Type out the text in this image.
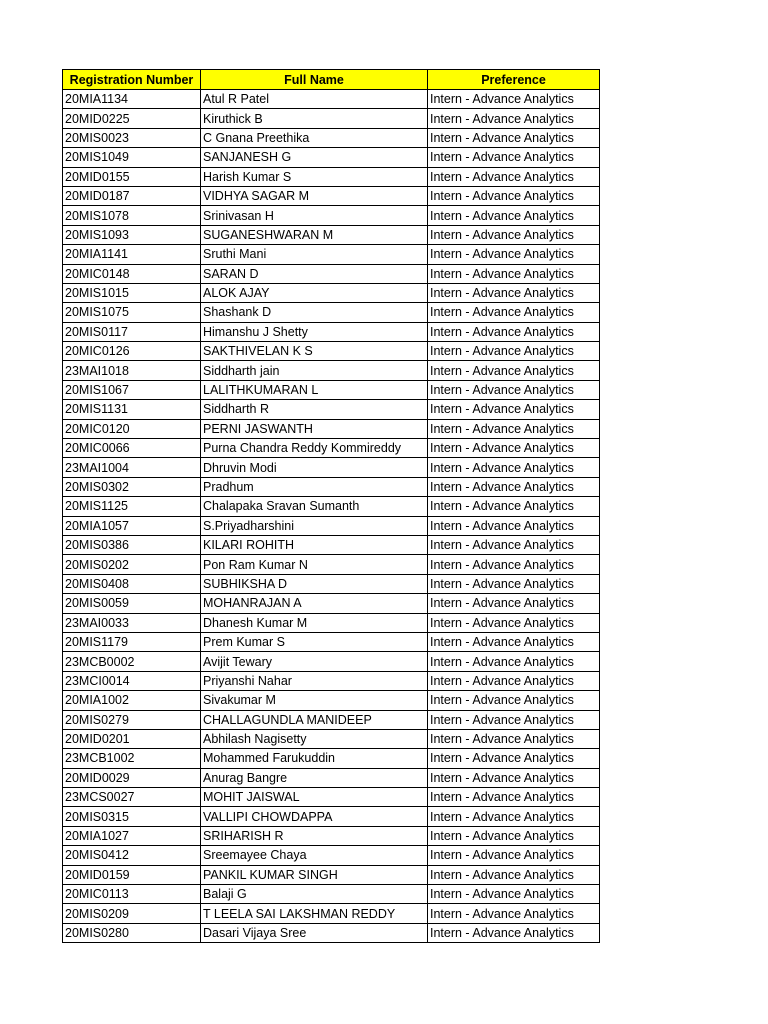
Registration Number	Full Name	Preference
20MIA1134	Atul R Patel	Intern - Advance Analytics
20MID0225	Kiruthick B	Intern - Advance Analytics
20MIS0023	C Gnana Preethika	Intern - Advance Analytics
20MIS1049	SANJANESH G	Intern - Advance Analytics
20MID0155	Harish Kumar S	Intern - Advance Analytics
20MID0187	VIDHYA SAGAR M	Intern - Advance Analytics
20MIS1078	Srinivasan H	Intern - Advance Analytics
20MIS1093	SUGANESHWARAN M	Intern - Advance Analytics
20MIA1141	Sruthi Mani	Intern - Advance Analytics
20MIC0148	SARAN D	Intern - Advance Analytics
20MIS1015	ALOK AJAY	Intern - Advance Analytics
20MIS1075	Shashank D	Intern - Advance Analytics
20MIS0117	Himanshu J Shetty	Intern - Advance Analytics
20MIC0126	SAKTHIVELAN K S	Intern - Advance Analytics
23MAI1018	Siddharth jain	Intern - Advance Analytics
20MIS1067	LALITHKUMARAN L	Intern - Advance Analytics
20MIS1131	Siddharth R	Intern - Advance Analytics
20MIC0120	PERNI JASWANTH	Intern - Advance Analytics
20MIC0066	Purna Chandra Reddy Kommireddy	Intern - Advance Analytics
23MAI1004	Dhruvin Modi	Intern - Advance Analytics
20MIS0302	Pradhum	Intern - Advance Analytics
20MIS1125	Chalapaka Sravan Sumanth	Intern - Advance Analytics
20MIA1057	S.Priyadharshini	Intern - Advance Analytics
20MIS0386	KILARI ROHITH	Intern - Advance Analytics
20MIS0202	Pon Ram Kumar N	Intern - Advance Analytics
20MIS0408	SUBHIKSHA D	Intern - Advance Analytics
20MIS0059	MOHANRAJAN A	Intern - Advance Analytics
23MAI0033	Dhanesh Kumar M	Intern - Advance Analytics
20MIS1179	Prem Kumar S	Intern - Advance Analytics
23MCB0002	Avijit Tewary	Intern - Advance Analytics
23MCI0014	Priyanshi Nahar	Intern - Advance Analytics
20MIA1002	Sivakumar M	Intern - Advance Analytics
20MIS0279	CHALLAGUNDLA MANIDEEP	Intern - Advance Analytics
20MID0201	Abhilash Nagisetty	Intern - Advance Analytics
23MCB1002	Mohammed Farukuddin	Intern - Advance Analytics
20MID0029	Anurag Bangre	Intern - Advance Analytics
23MCS0027	MOHIT JAISWAL	Intern - Advance Analytics
20MIS0315	VALLIPI CHOWDAPPA	Intern - Advance Analytics
20MIA1027	SRIHARISH R	Intern - Advance Analytics
20MIS0412	Sreemayee Chaya	Intern - Advance Analytics
20MID0159	PANKIL KUMAR SINGH	Intern - Advance Analytics
20MIC0113	Balaji G	Intern - Advance Analytics
20MIS0209	T LEELA SAI LAKSHMAN REDDY	Intern - Advance Analytics
20MIS0280	Dasari Vijaya Sree	Intern - Advance Analytics
